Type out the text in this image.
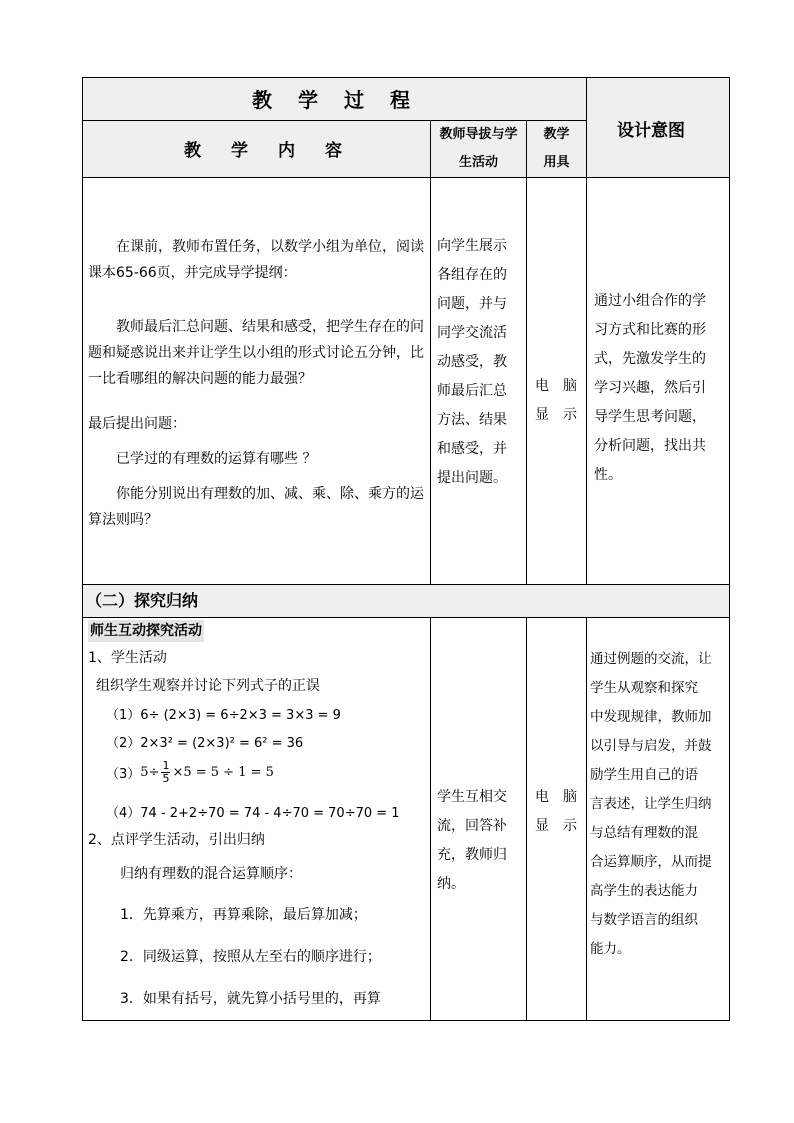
教学过程
教学内容
教师导拔与学
生活动
教学
用具
设计意图
在课前，教师布置任务，以数学小组为单位，阅读课本65-66页，并完成导学提纲：
教师最后汇总问题、结果和感受，把学生存在的问题和疑惑说出来并让学生以小组的形式讨论五分钟，比一比看哪组的解决问题的能力最强？
最后提出问题：
已学过的有理数的运算有哪些 ？
你能分别说出有理数的加、减、乘、除、乘方的运算法则吗？
向学生展示
各组存在的
问题，并与
同学交流活
动感受，教
师最后汇总
方法、结果
和感受，并
提出问题。
电　脑
显　示
通过小组合作的学
习方式和比赛的形
式，先激发学生的
学习兴趣，然后引
导学生思考问题，
分析问题，找出共
性。
（二）探究归纳
师生互动探究活动
1、学生活动
组织学生观察并讨论下列式子的正误
（1）6÷ (2×3) = 6÷2×3 = 3×3 = 9
（2）2×3² = (2×3)² = 6² = 36
（3） $5\div \frac{1}{5} \times 5 = 5 \div 1 = 5$
（4）74 - 2+2÷70 = 74 - 4÷70 = 70÷70 = 1
2、点评学生活动，引出归纳
归纳有理数的混合运算顺序：
1．先算乘方，再算乘除，最后算加减；
2．同级运算，按照从左至右的顺序进行；
3．如果有括号，就先算小括号里的，再算
学生互相交
流，回答补
充，教师归
纳。
电　脑
显　示
通过例题的交流，让
学生从观察和探究
中发现规律，教师加
以引导与启发，并鼓
励学生用自己的语
言表述，让学生归纳
与总结有理数的混
合运算顺序，从而提
高学生的表达能力
与数学语言的组织
能力。
